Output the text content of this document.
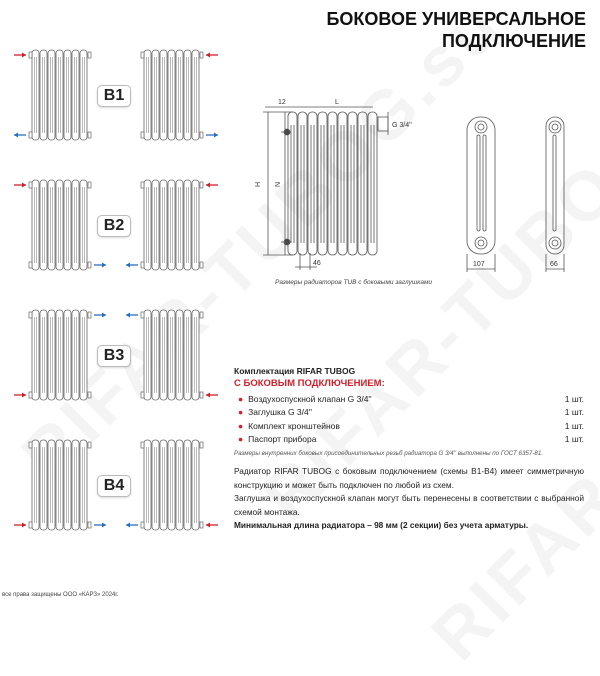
БОКОВОЕ УНИВЕРСАЛЬНОЕ
ПОДКЛЮЧЕНИЕ
B1
B2
B3
B4
12	L
G 3/4''
H N
46	107	66
Размеры радиаторов TUB с боковыми заглушками
Комплектация RIFAR TUBOG
С БОКОВЫМ ПОДКЛЮЧЕНИЕМ:
● Воздухоспускной клапан G 3/4''	1 шт.
● Заглушка G 3/4''	1 шт.
● Комплект кронштейнов	1 шт.
● Паспорт прибора	1 шт.
Размеры внутренних боковых присоединительных резьб радиатора G 3/4'' выполнены по ГОСТ 6357-81.
Радиатор RIFAR TUBOG с боковым подключением (схемы В1-В4) имеет симметричную конструкцию и может быть подключен по любой из схем.
Заглушка и воздухоспускной клапан могут быть перенесены в соответствии с выбранной схемой монтажа.
Минимальная длина радиатора – 98 мм (2 секции) без учета арматуры.
все права защищены ООО «КАРЗ» 2024г.
